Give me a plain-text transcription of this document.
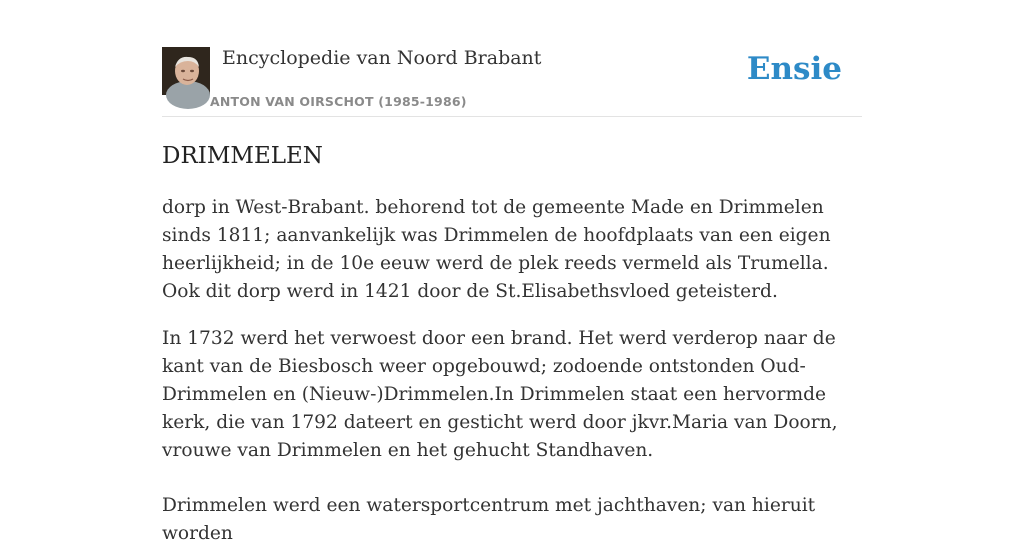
Encyclopedie van Noord Brabant
ANTON VAN OIRSCHOT (1985-1986)
Ensie
DRIMMELEN

dorp in West-Brabant. behorend tot de gemeente Made en Drimmelen sinds 1811; aanvankelijk was Drimmelen de hoofdplaats van een eigen heerlijkheid; in de 10e eeuw werd de plek reeds vermeld als Trumella. Ook dit dorp werd in 1421 door de St.Elisabethsvloed geteisterd.

In 1732 werd het verwoest door een brand. Het werd verderop naar de kant van de Biesbosch weer opgebouwd; zodoende ontstonden Oud-Drimmelen en (Nieuw-)Drimmelen.In Drimmelen staat een hervormde kerk, die van 1792 dateert en gesticht werd door jkvr.Maria van Doorn, vrouwe van Drimmelen en het gehucht Standhaven.

Drimmelen werd een watersportcentrum met jachthaven; van hieruit worden
